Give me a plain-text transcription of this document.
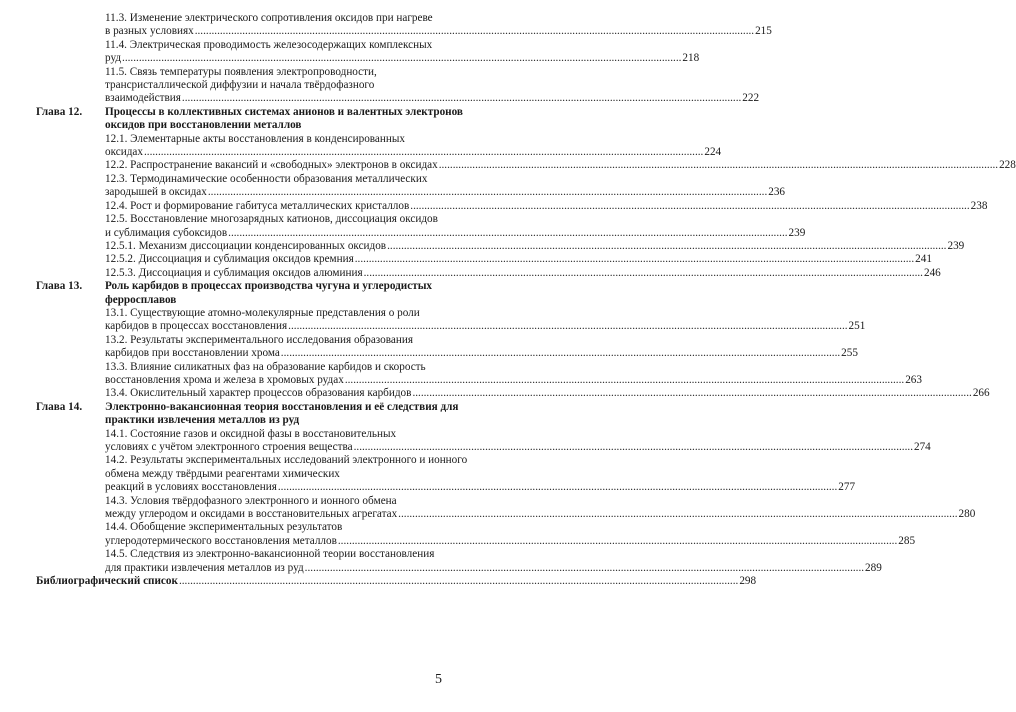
11.3. Изменение электрического сопротивления оксидов при нагреве
в разных условиях .....	215
11.4. Электрическая проводимость железосодержащих комплексных
руд .....	218
11.5. Связь температуры появления электропроводности, трансристаллической диффузии и начала твёрдофазного
взаимодействия .....	222
Глава 12.	Процессы в коллективных системах анионов и валентных электронов оксидов при восстановлении металлов
12.1. Элементарные акты восстановления в конденсированных
оксидах .....	224
12.2. Распространение вакансий и «свободных» электронов в оксидах .....	228
12.3. Термодинамические особенности образования металлических
зародышей в оксидах .....	236
12.4. Рост и формирование габитуса металлических кристаллов .....	238
12.5. Восстановление многозарядных катионов, диссоциация оксидов
и сублимация субоксидов .....	239
12.5.1. Механизм диссоциации конденсированных оксидов .....	239
12.5.2. Диссоциация и сублимация оксидов кремния .....	241
12.5.3. Диссоциация и сублимация оксидов алюминия .....	246
Глава 13.	Роль карбидов в процессах производства чугуна и углеродистых ферросплавов
13.1. Существующие атомно-молекулярные представления о роли
карбидов в процессах восстановления .....	251
13.2. Результаты экспериментального исследования образования
карбидов при восстановлении хрома .....	255
13.3. Влияние силикатных фаз на образование карбидов и скорость
восстановления хрома и железа в хромовых рудах .....	263
13.4. Окислительный характер процессов образования карбидов .....	266
Глава 14.	Электронно-вакансионная теория восстановления и её следствия для практики извлечения металлов из руд
14.1. Состояние газов и оксидной фазы в восстановительных
условиях с учётом электронного строения вещества .....	274
14.2. Результаты экспериментальных исследований электронного и ионного обмена между твёрдыми реагентами химических
реакций в условиях восстановления .....	277
14.3. Условия твёрдофазного электронного и ионного обмена
между углеродом и оксидами в восстановительных агрегатах .....	280
14.4. Обобщение экспериментальных результатов
углеродотермического восстановления металлов .....	285
14.5. Следствия из электронно-вакансионной теории восстановления
для практики извлечения металлов из руд .....	289
Библиографический список .....	298
5
